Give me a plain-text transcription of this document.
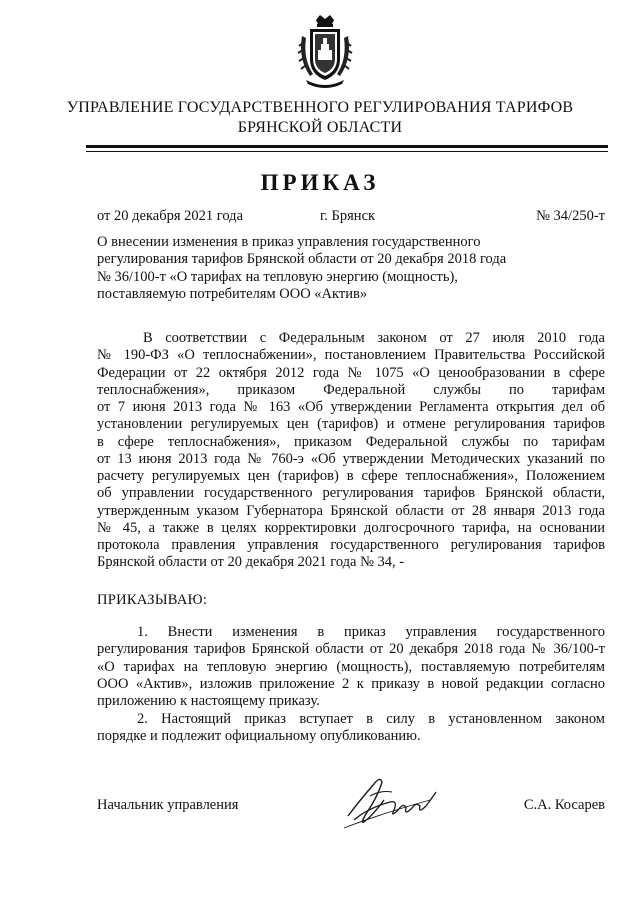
УПРАВЛЕНИЕ ГОСУДАРСТВЕННОГО РЕГУЛИРОВАНИЯ ТАРИФОВ
БРЯНСКОЙ ОБЛАСТИ
ПРИКАЗ
от 20 декабря 2021 года	г. Брянск	№ 34/250-т
О внесении изменения в приказ управления государственного
регулирования тарифов Брянской области от 20 декабря 2018 года
№ 36/100-т «О тарифах на тепловую энергию (мощность),
поставляемую потребителям ООО «Актив»
В соответствии с Федеральным законом от 27 июля 2010 года
№ 190-ФЗ «О теплоснабжении», постановлением Правительства Российской
Федерации от 22 октября 2012 года № 1075 «О ценообразовании в сфере
теплоснабжения», приказом Федеральной службы по тарифам
от 7 июня 2013 года № 163 «Об утверждении Регламента открытия дел об
установлении регулируемых цен (тарифов) и отмене регулирования тарифов
в сфере теплоснабжения», приказом Федеральной службы по тарифам
от 13 июня 2013 года № 760-э «Об утверждении Методических указаний по
расчету регулируемых цен (тарифов) в сфере теплоснабжения», Положением
об управлении государственного регулирования тарифов Брянской области,
утвержденным указом Губернатора Брянской области от 28 января 2013 года
№ 45, а также в целях корректировки долгосрочного тарифа, на основании
протокола правления управления государственного регулирования тарифов
Брянской области от 20 декабря 2021 года № 34, -
ПРИКАЗЫВАЮ:
1. Внести изменения в приказ управления государственного
регулирования тарифов Брянской области от 20 декабря 2018 года № 36/100-т
«О тарифах на тепловую энергию (мощность), поставляемую потребителям
ООО «Актив», изложив приложение 2 к приказу в новой редакции согласно
приложению к настоящему приказу.
2. Настоящий приказ вступает в силу в установленном законом
порядке и подлежит официальному опубликованию.
Начальник управления	С.А. Косарев
